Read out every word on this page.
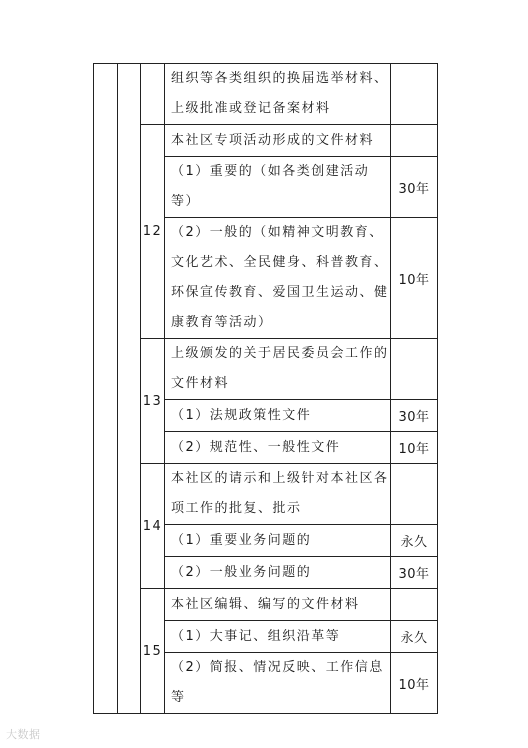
			组织等各类组织的换届选举材料、上级批准或登记备案材料	
		12	本社区专项活动形成的文件材料	
			（1）重要的（如各类创建活动等）	30年
			（2）一般的（如精神文明教育、文化艺术、全民健身、科普教育、环保宣传教育、爱国卫生运动、健康教育等活动）	10年
		13	上级颁发的关于居民委员会工作的文件材料	
			（1）法规政策性文件	30年
			（2）规范性、一般性文件	10年
		14	本社区的请示和上级针对本社区各项工作的批复、批示	
			（1）重要业务问题的	永久
			（2）一般业务问题的	30年
		15	本社区编辑、编写的文件材料	
			（1）大事记、组织沿革等	永久
			（2）简报、情况反映、工作信息等	10年
大数据
